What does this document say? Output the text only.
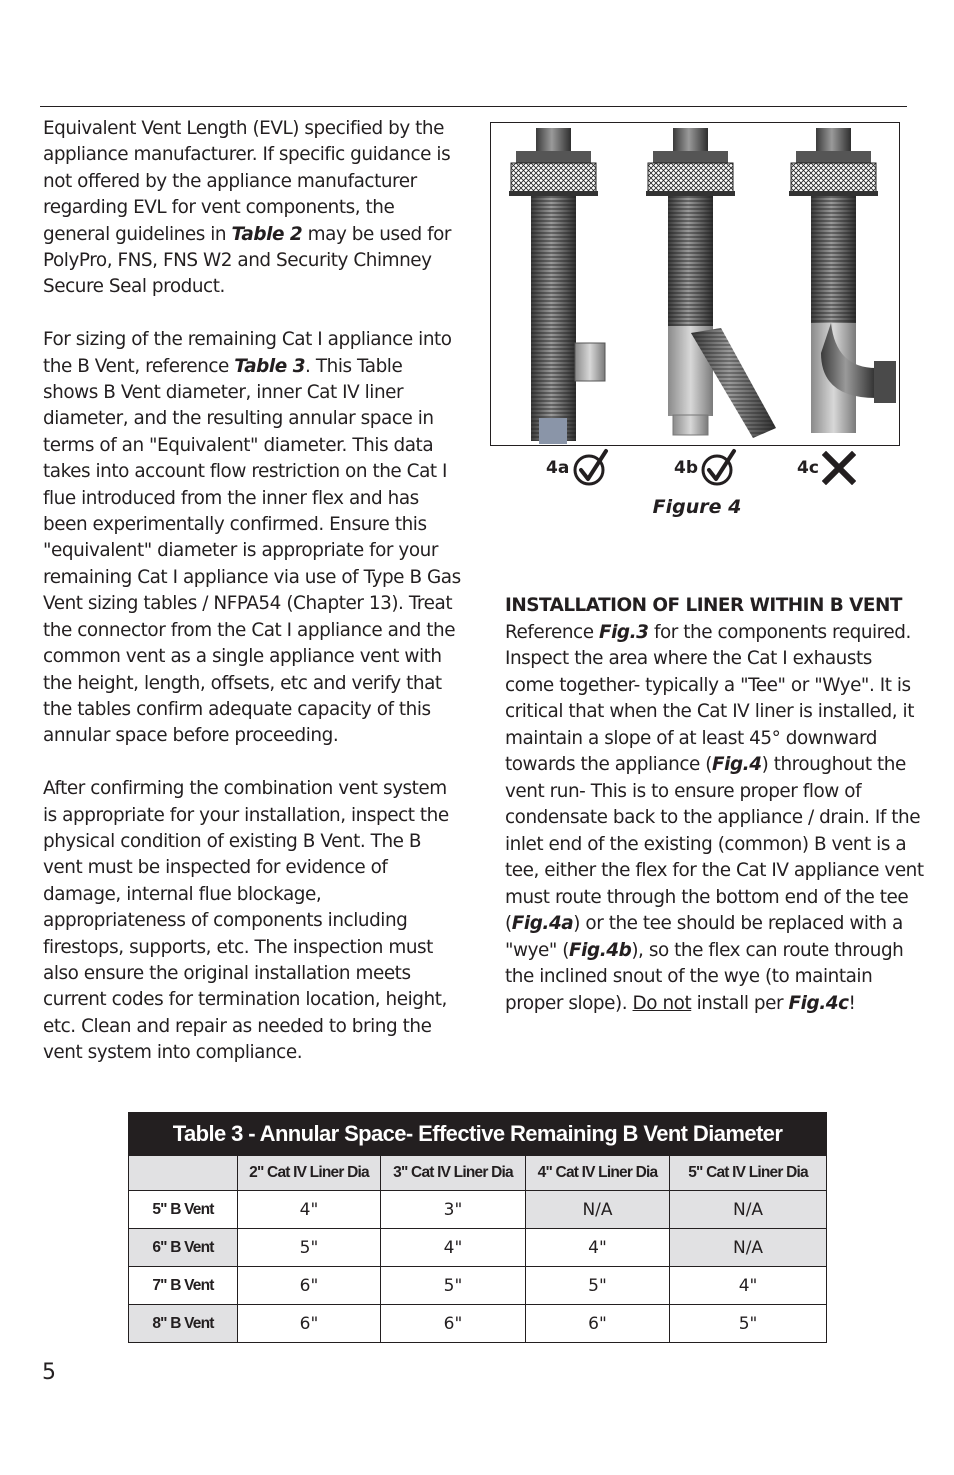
Equivalent Vent Length (EVL) specified by the appliance manufacturer. If specific guidance is not offered by the appliance manufacturer regarding EVL for vent components, the general guidelines in Table 2 may be used for PolyPro, FNS, FNS W2 and Security Chimney Secure Seal product.

For sizing of the remaining Cat I appliance into the B Vent, reference Table 3. This Table shows B Vent diameter, inner Cat IV liner diameter, and the resulting annular space in terms of an "Equivalent" diameter. This data takes into account flow restriction on the Cat I flue introduced from the inner flex and has been experimentally confirmed. Ensure this "equivalent" diameter is appropriate for your remaining Cat I appliance via use of Type B Gas Vent sizing tables / NFPA54 (Chapter 13). Treat the connector from the Cat I appliance and the common vent as a single appliance vent with the height, length, offsets, etc and verify that the tables confirm adequate capacity of this annular space before proceeding.

After confirming the combination vent system is appropriate for your installation, inspect the physical condition of existing B Vent. The B vent must be inspected for evidence of damage, internal flue blockage, appropriateness of components including firestops, supports, etc. The inspection must also ensure the original installation meets current codes for termination location, height, etc. Clean and repair as needed to bring the vent system into compliance.

4a	4b	4c
Figure 4

INSTALLATION OF LINER WITHIN B VENT

Reference Fig.3 for the components required. Inspect the area where the Cat I exhausts come together- typically a "Tee" or "Wye". It is critical that when the Cat IV liner is installed, it maintain a slope of at least 45° downward towards the appliance (Fig.4) throughout the vent run- This is to ensure proper flow of condensate back to the appliance / drain. If the inlet end of the existing (common) B vent is a tee, either the flex for the Cat IV appliance vent must route through the bottom end of the tee (Fig.4a) or the tee should be replaced with a "wye" (Fig.4b), so the flex can route through the inclined snout of the wye (to maintain proper slope). Do not install per Fig.4c!

Table 3 - Annular Space- Effective Remaining B Vent Diameter				
	2" Cat IV Liner Dia	3" Cat IV Liner Dia	4" Cat IV Liner Dia	5" Cat IV Liner Dia
5" B Vent	4"	3"	N/A	N/A
6" B Vent	5"	4"	4"	N/A
7" B Vent	6"	5"	5"	4"
8" B Vent	6"	6"	6"	5"
5
